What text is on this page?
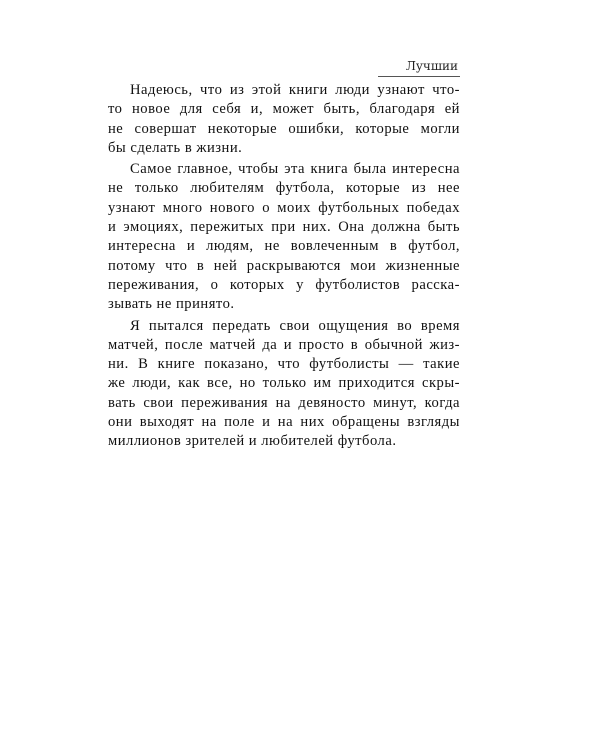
Лучшии
Надеюсь, что из этой книги люди узнают что-
то новое для себя и, может быть, благодаря ей
не совершат некоторые ошибки, которые могли
бы сделать в жизни.
Самое главное, чтобы эта книга была интересна
не только любителям футбола, которые из нее
узнают много нового о моих футбольных победах
и эмоциях, пережитых при них. Она должна быть
интересна и людям, не вовлеченным в футбол,
потому что в ней раскрываются мои жизненные
переживания, о которых у футболистов расска-
зывать не принято.
Я пытался передать свои ощущения во время
матчей, после матчей да и просто в обычной жиз-
ни. В книге показано, что футболисты — такие
же люди, как все, но только им приходится скры-
вать свои переживания на девяносто минут, когда
они выходят на поле и на них обращены взгляды
миллионов зрителей и любителей футбола.
